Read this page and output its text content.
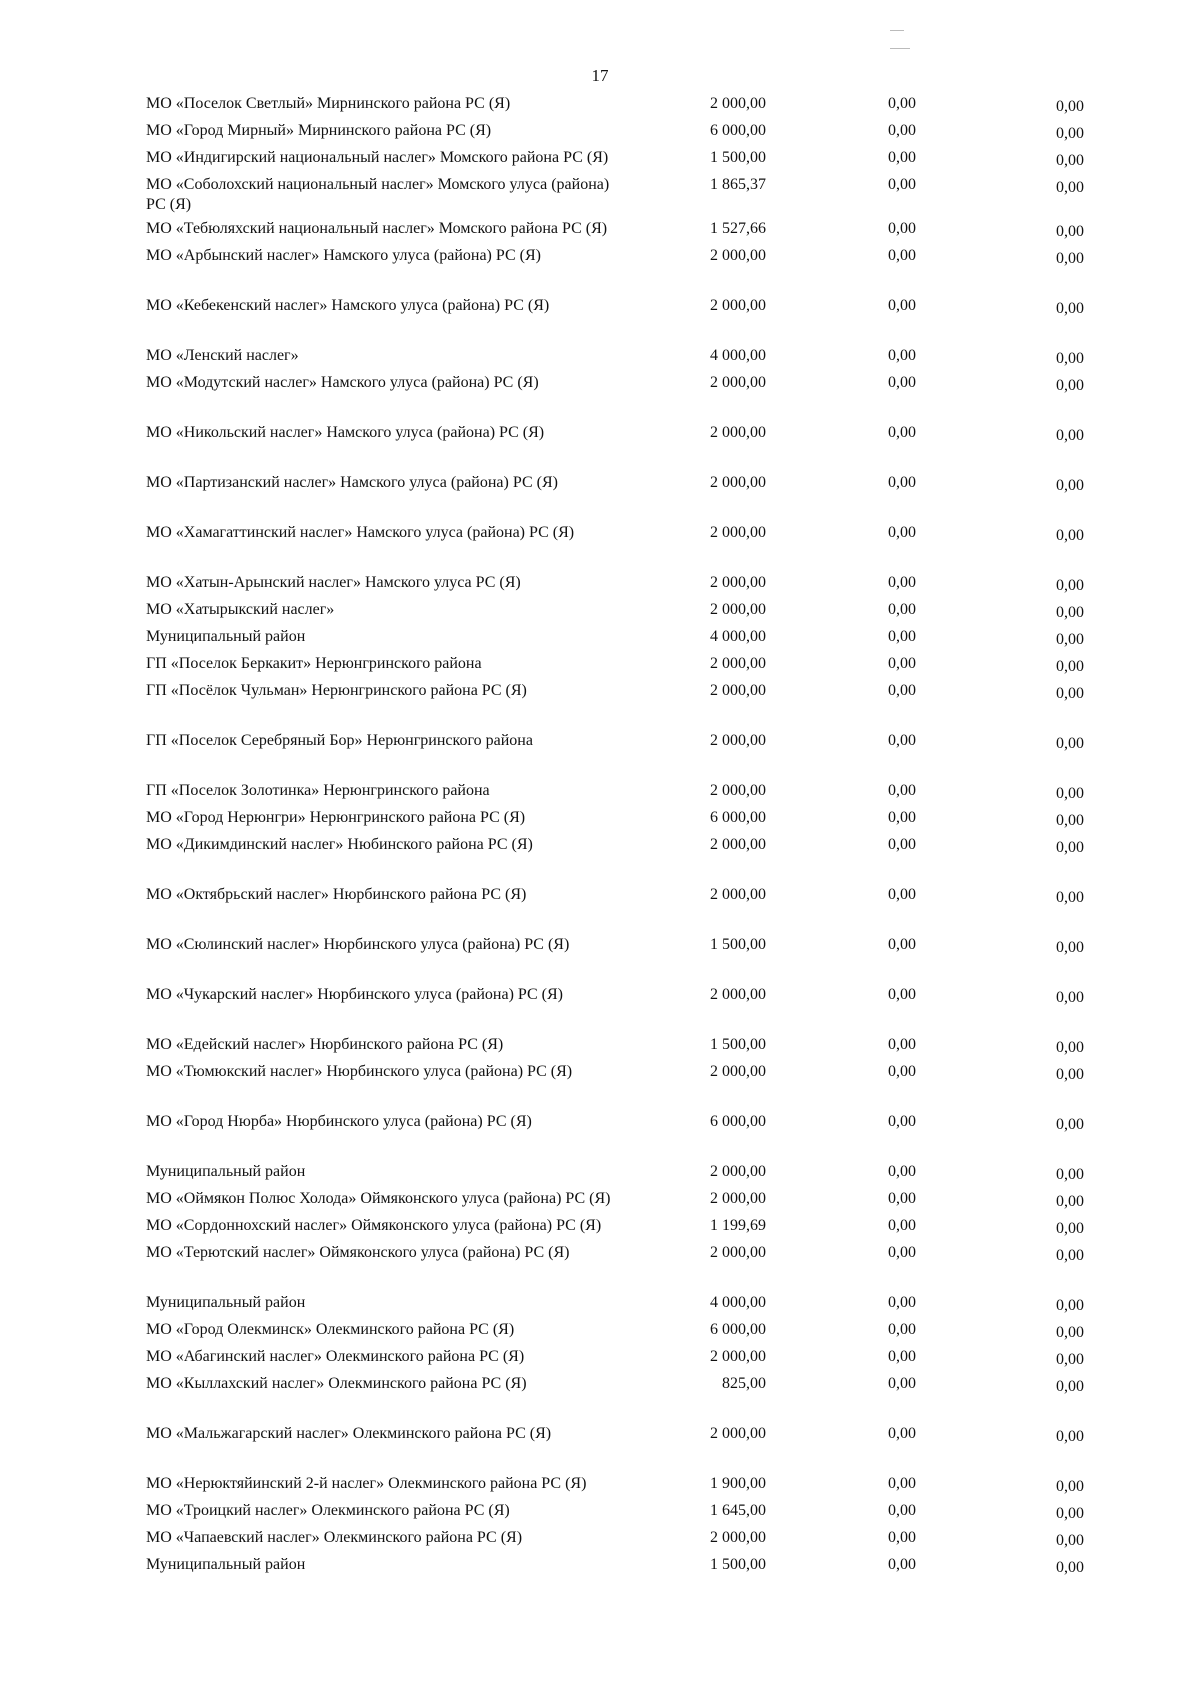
17
МО «Поселок Светлый» Мирнинского района РС (Я)	2 000,00	0,00	0,00
МО «Город Мирный» Мирнинского района РС (Я)	6 000,00	0,00	0,00
МО «Индигирский национальный наслег» Момского района РС (Я)	1 500,00	0,00	0,00
МО «Соболохский национальный наслег» Момского улуса (района) РС (Я)	1 865,37	0,00	0,00
МО «Тебюляхский национальный наслег» Момского района РС (Я)	1 527,66	0,00	0,00
МО «Арбынский наслег» Намского улуса (района) РС (Я)	2 000,00	0,00	0,00
МО «Кебекенский наслег» Намского улуса (района) РС (Я)	2 000,00	0,00	0,00
МО «Ленский наслег»	4 000,00	0,00	0,00
МО «Модутский наслег» Намского улуса (района) РС (Я)	2 000,00	0,00	0,00
МО «Никольский наслег» Намского улуса (района) РС (Я)	2 000,00	0,00	0,00
МО «Партизанский наслег» Намского улуса (района) РС (Я)	2 000,00	0,00	0,00
МО «Хамагаттинский наслег» Намского улуса (района) РС (Я)	2 000,00	0,00	0,00
МО «Хатын-Арынский наслег» Намского улуса РС (Я)	2 000,00	0,00	0,00
МО «Хатырыкский наслег»	2 000,00	0,00	0,00
Муниципальный район	4 000,00	0,00	0,00
ГП «Поселок Беркакит» Нерюнгринского района	2 000,00	0,00	0,00
ГП «Посёлок Чульман» Нерюнгринского района РС (Я)	2 000,00	0,00	0,00
ГП «Поселок Серебряный Бор» Нерюнгринского района	2 000,00	0,00	0,00
ГП «Поселок Золотинка» Нерюнгринского района	2 000,00	0,00	0,00
МО «Город Нерюнгри» Нерюнгринского района РС (Я)	6 000,00	0,00	0,00
МО «Дикимдинский наслег» Нюбинского района РС (Я)	2 000,00	0,00	0,00
МО «Октябрьский наслег» Нюрбинского района РС (Я)	2 000,00	0,00	0,00
МО «Сюлинский наслег» Нюрбинского улуса (района) РС (Я)	1 500,00	0,00	0,00
МО «Чукарский наслег» Нюрбинского улуса (района) РС (Я)	2 000,00	0,00	0,00
МО «Едейский наслег» Нюрбинского района РС (Я)	1 500,00	0,00	0,00
МО «Тюмюкский наслег» Нюрбинского улуса (района) РС (Я)	2 000,00	0,00	0,00
МО «Город Нюрба» Нюрбинского улуса (района) РС (Я)	6 000,00	0,00	0,00
Муниципальный район	2 000,00	0,00	0,00
МО «Оймякон Полюс Холода» Оймяконского улуса (района) РС (Я)	2 000,00	0,00	0,00
МО «Сордоннохский наслег» Оймяконского улуса (района) РС (Я)	1 199,69	0,00	0,00
МО «Терютский наслег» Оймяконского улуса (района) РС (Я)	2 000,00	0,00	0,00
Муниципальный район	4 000,00	0,00	0,00
МО «Город Олекминск» Олекминского района РС (Я)	6 000,00	0,00	0,00
МО «Абагинский наслег» Олекминского района РС (Я)	2 000,00	0,00	0,00
МО «Кыллахский наслег» Олекминского района РС (Я)	825,00	0,00	0,00
МО «Мальжагарский наслег» Олекминского района РС (Я)	2 000,00	0,00	0,00
МО «Нерюктяйинский 2-й наслег» Олекминского района РС (Я)	1 900,00	0,00	0,00
МО «Троицкий наслег» Олекминского района РС (Я)	1 645,00	0,00	0,00
МО «Чапаевский наслег» Олекминского района РС (Я)	2 000,00	0,00	0,00
Муниципальный район	1 500,00	0,00	0,00
